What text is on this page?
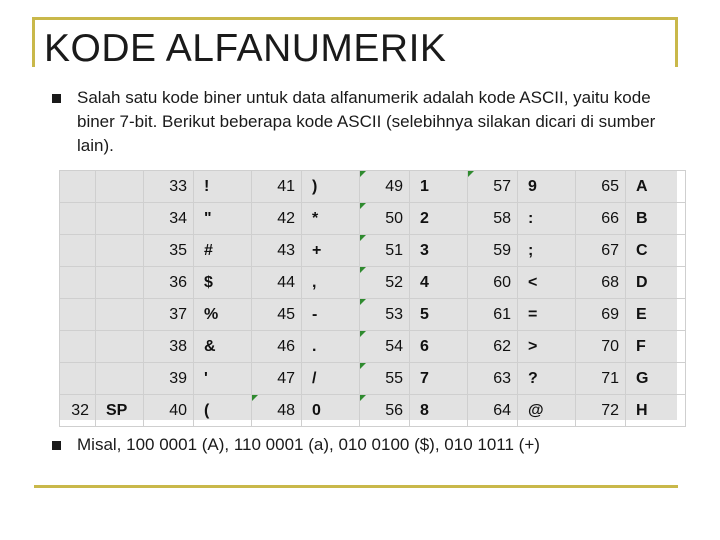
KODE ALFANUMERIK
Salah satu kode biner untuk data alfanumerik adalah kode ASCII, yaitu kode biner 7-bit. Berikut beberapa kode ASCII (selebihnya silakan dicari di sumber lain).
		33	!	41	)	49	1	57	9	65	A
		34	"	42	*	50	2	58	:	66	B
		35	#	43	+	51	3	59	;	67	C
		36	$	44	,	52	4	60	<	68	D
		37	%	45	-	53	5	61	=	69	E
		38	&	46	.	54	6	62	>	70	F
		39	'	47	/	55	7	63	?	71	G
32	SP	40	(	48	0	56	8	64	@	72	H
Misal, 100 0001 (A), 110 0001 (a), 010 0100 ($), 010 1011 (+)
